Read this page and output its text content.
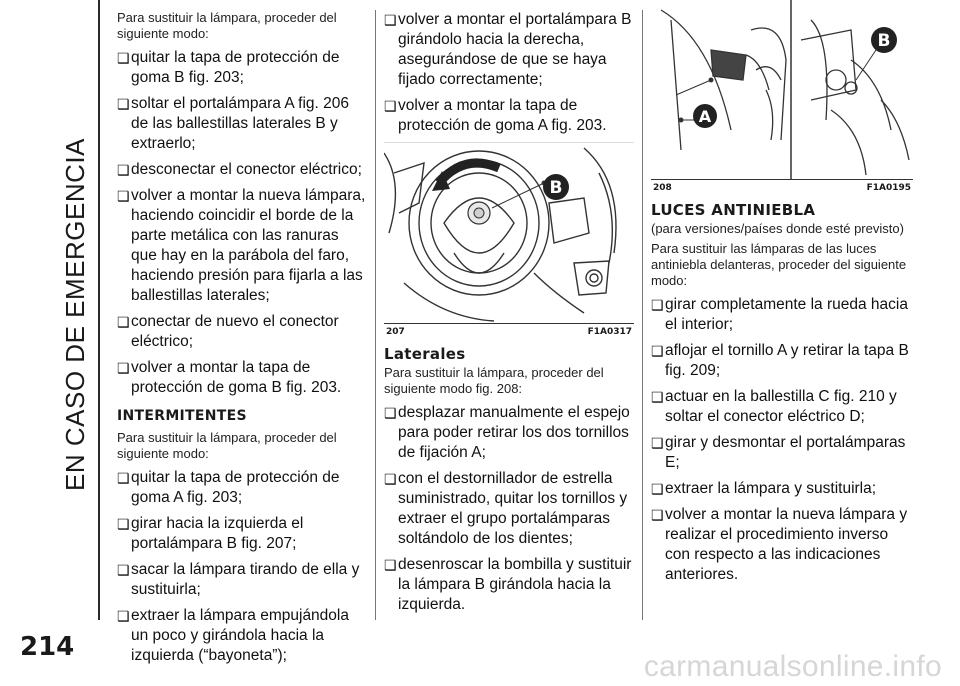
EN CASO DE EMERGENCIA
214

Para sustituir la lámpara, proceder del siguiente modo:

❑ quitar la tapa de protección de goma B fig. 203;
❑ soltar el portalámpara A fig. 206 de las ballestillas laterales B y extraerlo;
❑ desconectar el conector eléctrico;
❑ volver a montar la nueva lámpara, haciendo coincidir el borde de la parte metálica con las ranuras que hay en la parábola del faro, haciendo presión para fijarla a las ballestillas laterales;
❑ conectar de nuevo el conector eléctrico;
❑ volver a montar la tapa de protección de goma B fig. 203.
INTERMITENTES

Para sustituir la lámpara, proceder del siguiente modo:

❑ quitar la tapa de protección de goma A fig. 203;
❑ girar hacia la izquierda el portalámpara B fig. 207;
❑ sacar la lámpara tirando de ella y sustituirla;
❑ extraer la lámpara empujándola un poco y girándola hacia la izquierda (“bayoneta”);
❑ volver a montar el portalámpara B girándolo hacia la derecha, asegurándose de que se haya fijado correctamente;
❑ volver a montar la tapa de protección de goma A fig. 203.
B
207	F1A0317
Laterales

Para sustituir la lámpara, proceder del siguiente modo fig. 208:

❑ desplazar manualmente el espejo para poder retirar los dos tornillos de fijación A;
❑ con el destornillador de estrella suministrado, quitar los tornillos y extraer el grupo portalámparas soltándolo de los dientes;
❑ desenroscar la bombilla y sustituir la lámpara B girándola hacia la izquierda.
A
B
208	F1A0195
LUCES ANTINIEBLA

(para versiones/países donde esté previsto)

Para sustituir las lámparas de las luces antiniebla delanteras, proceder del siguiente modo:

❑ girar completamente la rueda hacia el interior;
❑ aflojar el tornillo A y retirar la tapa B fig. 209;
❑ actuar en la ballestilla C fig. 210 y soltar el conector eléctrico D;
❑ girar y desmontar el portalámparas E;
❑ extraer la lámpara y sustituirla;
❑ volver a montar la nueva lámpara y realizar el procedimiento inverso con respecto a las indicaciones anteriores.
carmanualsonline.info
